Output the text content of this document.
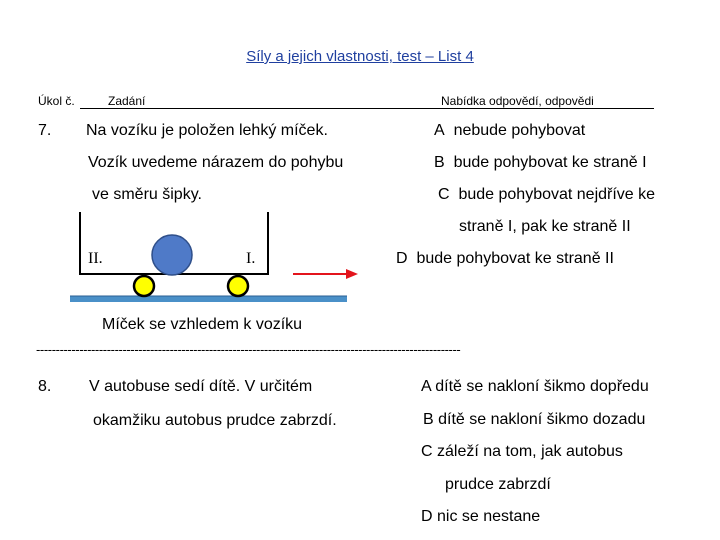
Síly a jejich vlastnosti, test – List 4
Úkol č.	Zadání	Nabídka odpovědí, odpovědi
7. Na vozíku je položen lehký míček.
Vozík uvedeme nárazem do pohybu
ve směru šipky.
A nebude pohybovat
B bude pohybovat ke straně I
C bude pohybovat nejdříve ke
straně I, pak ke straně II
D bude pohybovat ke straně II
II.	I.
Míček se vzhledem k vozíku
------------------------------------------------------------------------------------------------------------
8. V autobuse sedí dítě. V určitém
okamžiku autobus prudce zabrzdí.
A dítě se nakloní šikmo dopředu
B dítě se nakloní šikmo dozadu
C záleží na tom, jak autobus
prudce zabrzdí
D nic se nestane
